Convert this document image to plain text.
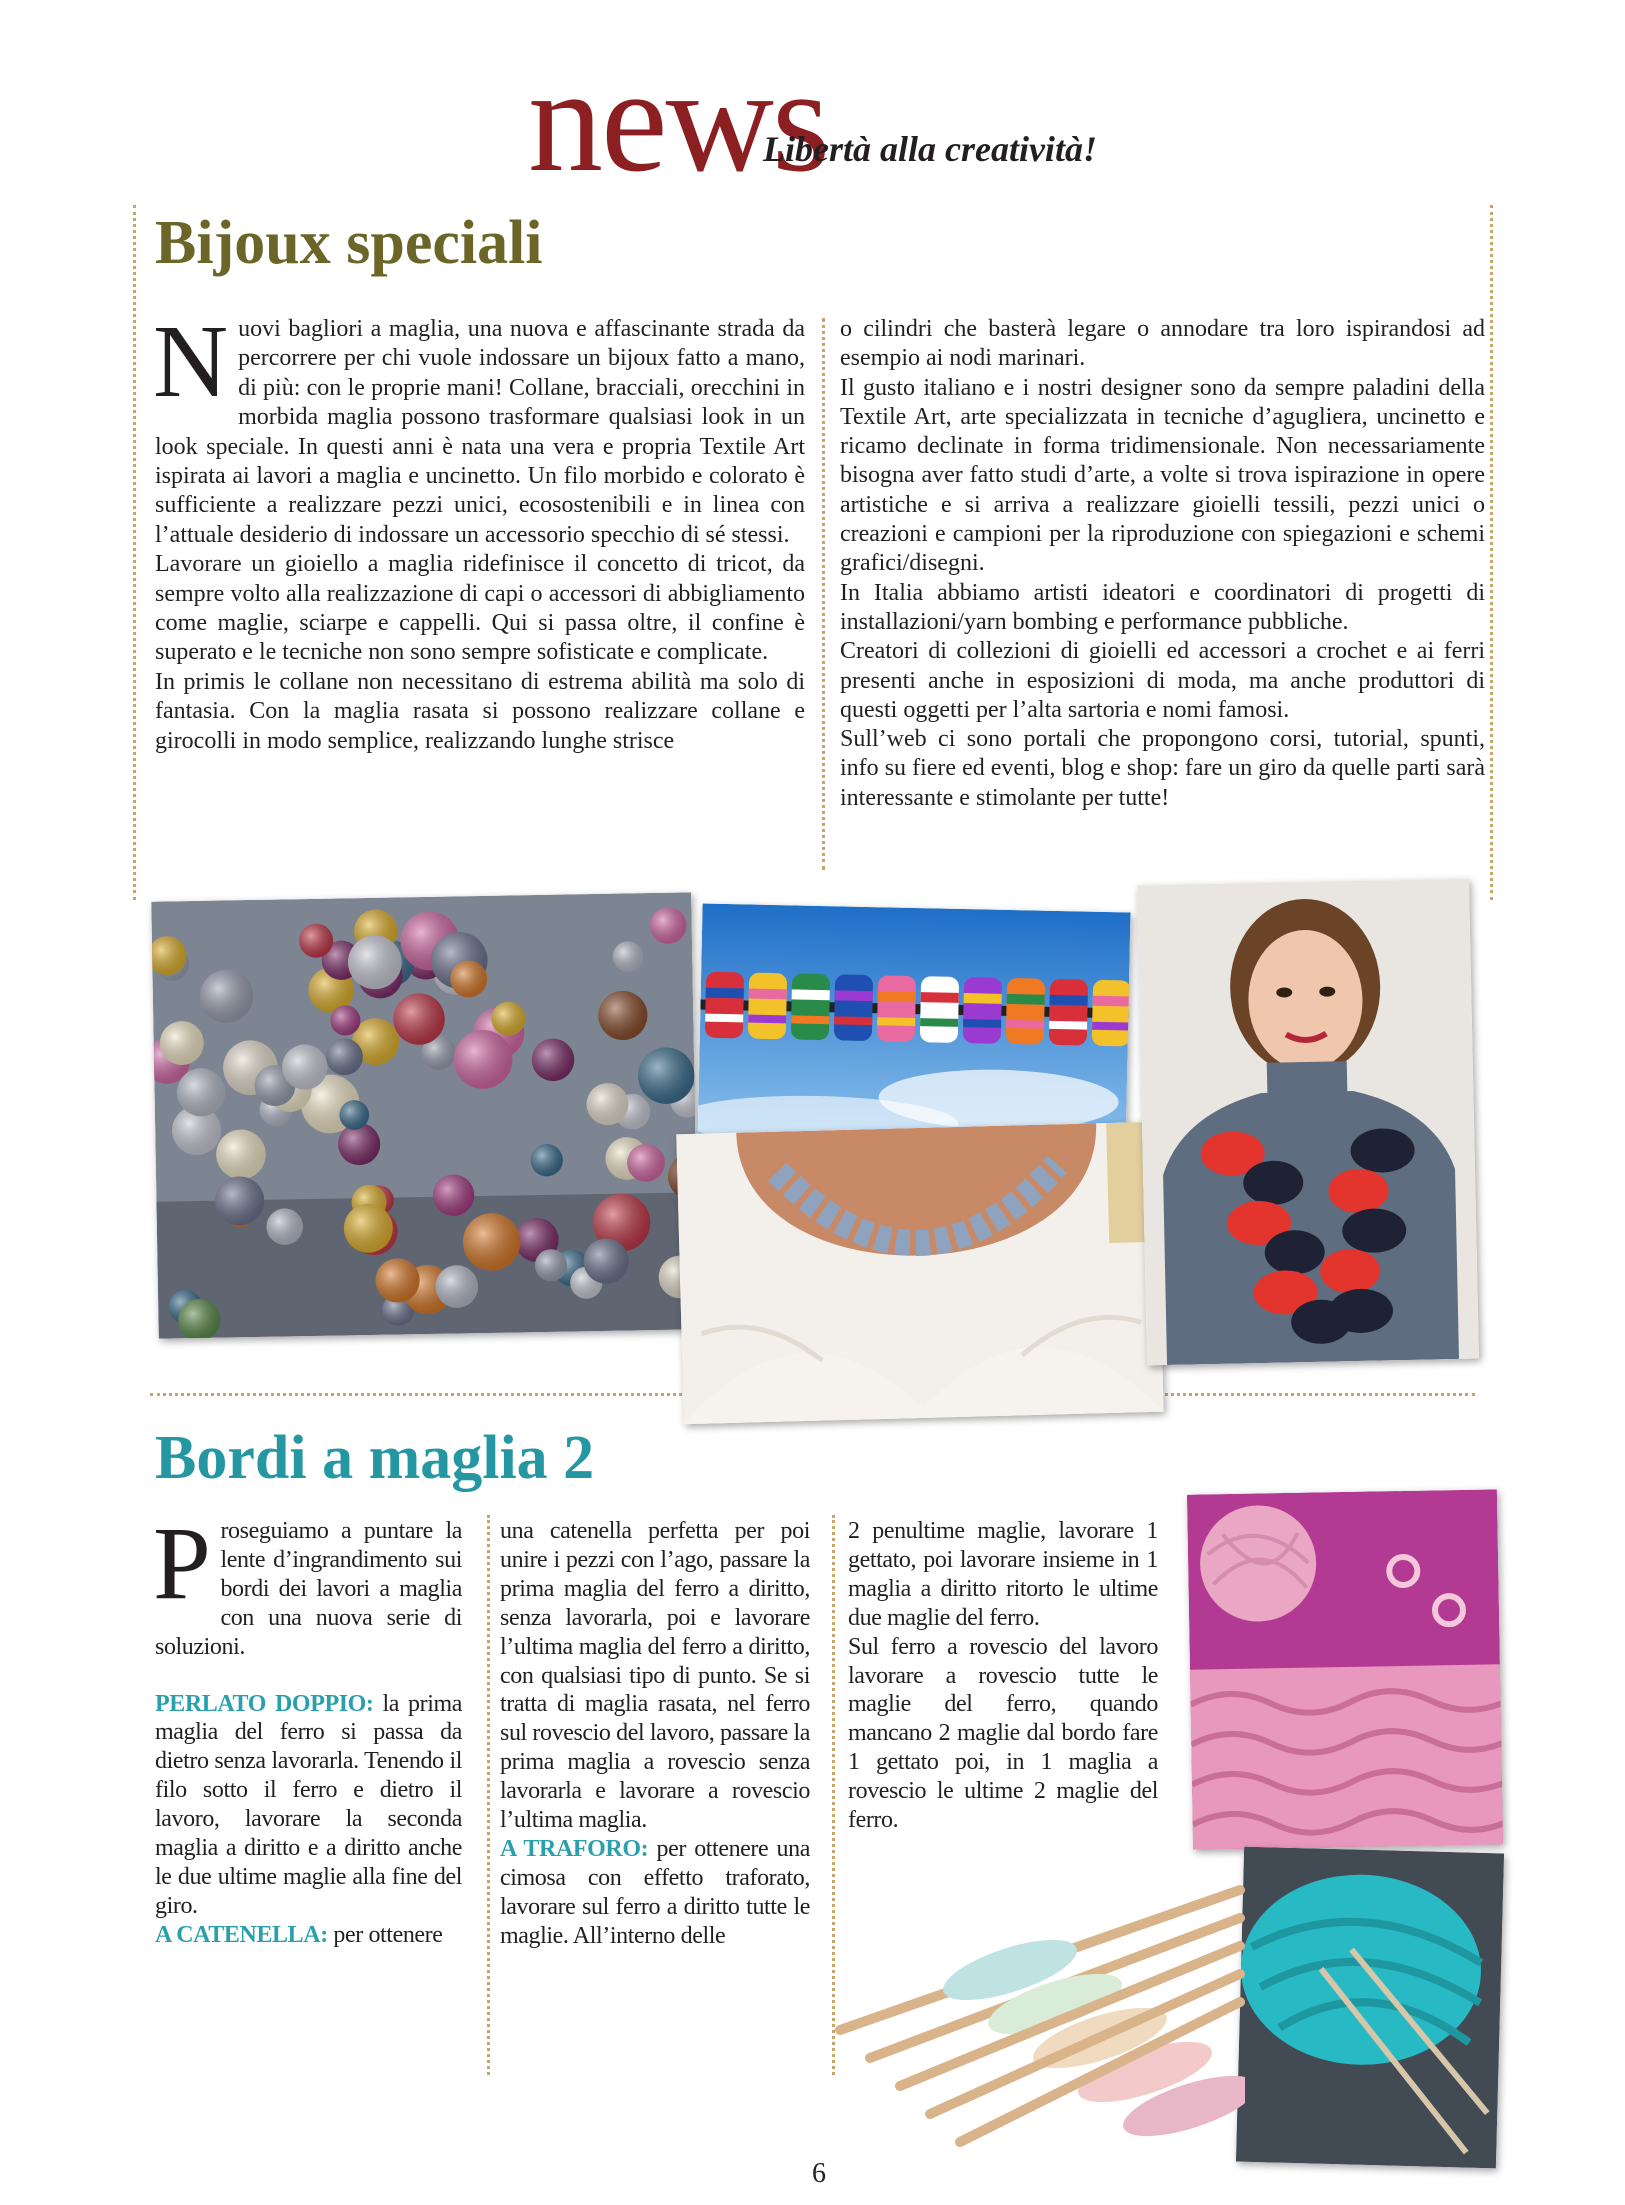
news
Libertà alla creatività!
Bijoux speciali

Nuovi bagliori a maglia, una nuova e affascinante strada da percorrere per chi vuole indossare un bijoux fatto a mano, di più: con le proprie mani! Collane, bracciali, orecchini in morbida maglia possono trasformare qualsiasi look in un look speciale. In questi anni è nata una vera e propria Textile Art ispirata ai lavori a maglia e uncinetto. Un filo morbido e colorato è sufficiente a realizzare pezzi unici, ecosostenibili e in linea con l’attuale desiderio di indossare un accessorio specchio di sé stessi.

Lavorare un gioiello a maglia ridefinisce il concetto di tricot, da sempre volto alla realizzazione di capi o accessori di abbigliamento come maglie, sciarpe e cappelli. Qui si passa oltre, il confine è superato e le tecniche non sono sempre sofisticate e complicate.

In primis le collane non necessitano di estrema abilità ma solo di fantasia. Con la maglia rasata si possono realizzare collane e girocolli in modo semplice, realizzando lunghe strisce

o cilindri che basterà legare o annodare tra loro ispirandosi ad esempio ai nodi marinari.

Il gusto italiano e i nostri designer sono da sempre paladini della Textile Art, arte specializzata in tecniche d’agugliera, uncinetto e ricamo declinate in forma tridimensionale. Non necessariamente bisogna aver fatto studi d’arte, a volte si trova ispirazione in opere artistiche e si arriva a realizzare gioielli tessili, pezzi unici o creazioni e campioni per la riproduzione con spiegazioni e schemi grafici/disegni.

In Italia abbiamo artisti ideatori e coordinatori di progetti di installazioni/yarn bombing e performance pubbliche.

Creatori di collezioni di gioielli ed accessori a crochet e ai ferri presenti anche in esposizioni di moda, ma anche produttori di questi oggetti per l’alta sartoria e nomi famosi.

Sull’web ci sono portali che propongono corsi, tutorial, spunti, info su fiere ed eventi, blog e shop: fare un giro da quelle parti sarà interessante e stimolante per tutte!

Bordi a maglia 2

Proseguiamo a puntare la lente d’ingrandimento sui bordi dei lavori a maglia con una nuova serie di soluzioni.

PERLATO DOPPIO: la prima maglia del ferro si passa da dietro senza lavorarla. Tenendo il filo sotto il ferro e dietro il lavoro, lavorare la seconda maglia a diritto e a diritto anche le due ultime maglie alla fine del giro.

A CATENELLA: per ottenere

una catenella perfetta per poi unire i pezzi con l’ago, passare la prima maglia del ferro a diritto, senza lavorarla, poi e lavorare l’ultima maglia del ferro a diritto, con qualsiasi tipo di punto. Se si tratta di maglia rasata, nel ferro sul rovescio del lavoro, passare la prima maglia a rovescio senza lavorarla e lavorare a rovescio l’ultima maglia.

A TRAFORO: per ottenere una cimosa con effetto traforato, lavorare sul ferro a diritto tutte le maglie. All’interno delle

2 penultime maglie, lavorare 1 gettato, poi lavorare insieme in 1 maglia a diritto ritorto le ultime due maglie del ferro.

Sul ferro a rovescio del lavoro lavorare a rovescio tutte le maglie del ferro, quando mancano 2 maglie dal bordo fare 1 gettato poi, in 1 maglia a rovescio le ultime 2 maglie del ferro.

6
